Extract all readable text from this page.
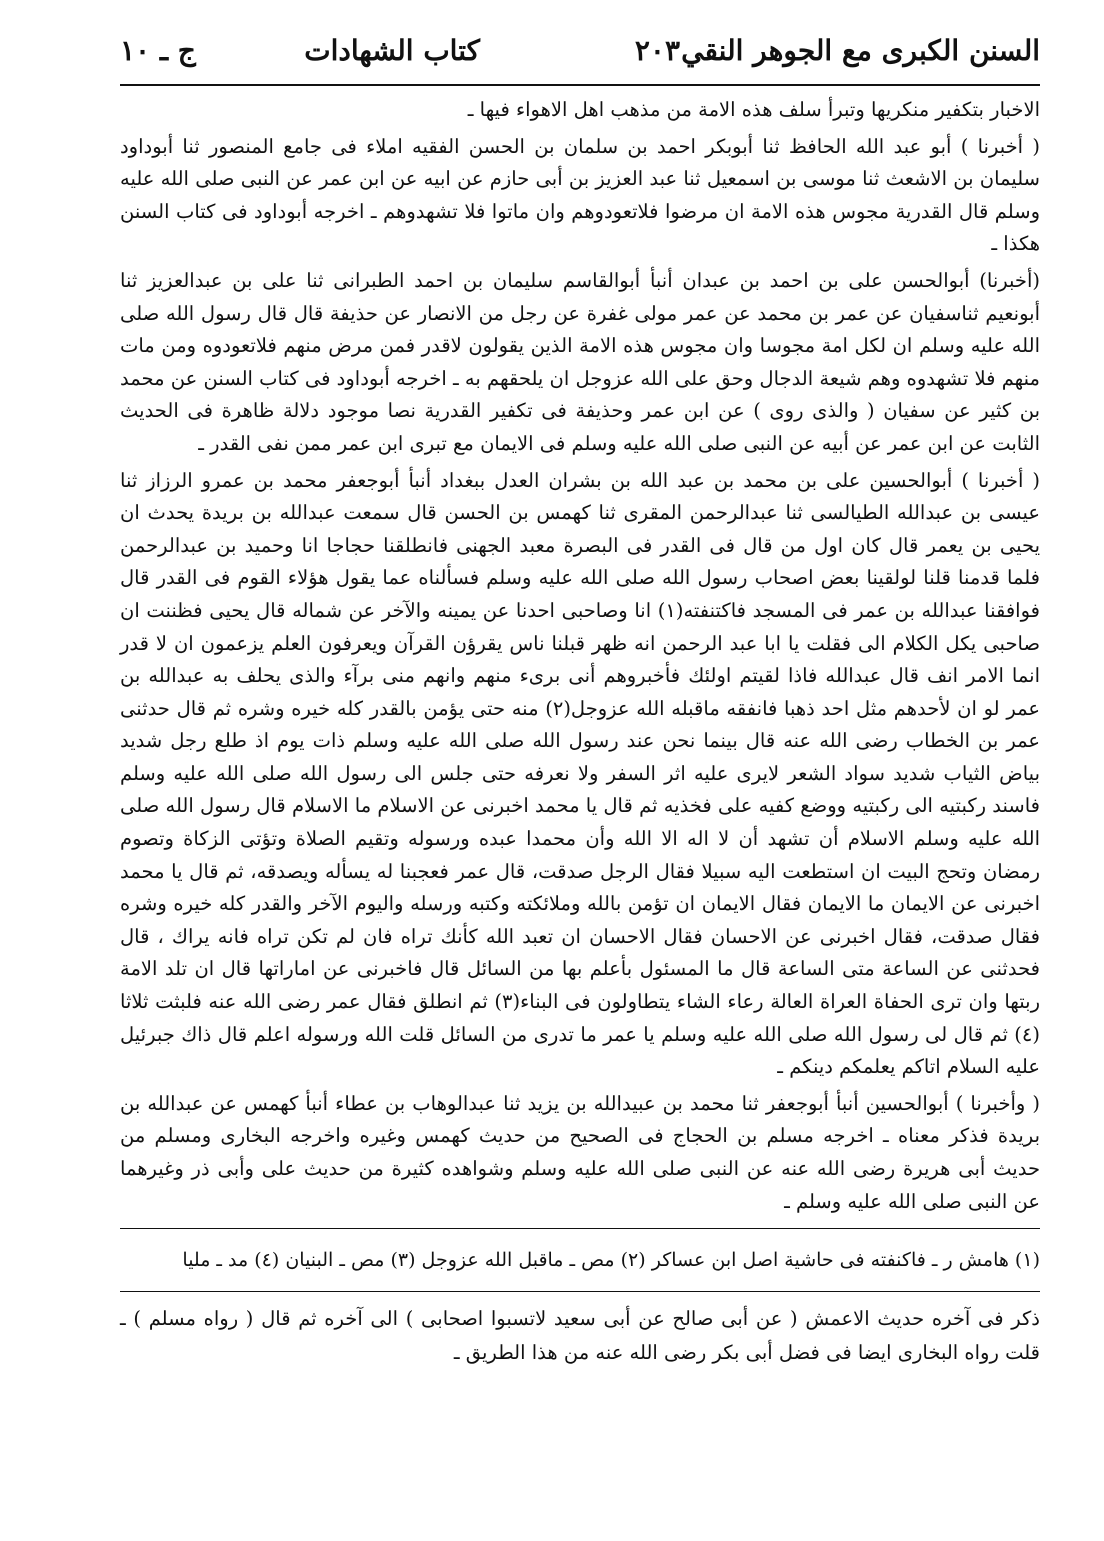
السنن الكبرى مع الجوهر النقي
٢٠٣
كتاب الشهادات
ج ـ ١٠

الاخبار بتكفير منكريها وتبرأ سلف هذه الامة من مذهب اهل الاهواء فيها ـ

( أخبرنا ) أبو عبد الله الحافظ ثنا أبوبكر احمد بن سلمان بن الحسن الفقيه املاء فى جامع المنصور ثنا أبوداود سليمان بن الاشعث ثنا موسى بن اسمعيل ثنا عبد العزيز بن أبى حازم عن ابيه عن ابن عمر عن النبى صلى الله عليه وسلم قال القدرية مجوس هذه الامة ان مرضوا فلاتعودوهم وان ماتوا فلا تشهدوهم ـ اخرجه أبوداود فى كتاب السنن هكذا ـ

(أخبرنا) أبوالحسن على بن احمد بن عبدان أنبأ أبوالقاسم سليمان بن احمد الطبرانى ثنا على بن عبدالعزيز ثنا أبونعيم ثناسفيان عن عمر بن محمد عن عمر مولى غفرة عن رجل من الانصار عن حذيفة قال قال رسول الله صلى الله عليه وسلم ان لكل امة مجوسا وان مجوس هذه الامة الذين يقولون لاقدر فمن مرض منهم فلاتعودوه ومن مات منهم فلا تشهدوه وهم شيعة الدجال وحق على الله عزوجل ان يلحقهم به ـ اخرجه أبوداود فى كتاب السنن عن محمد بن كثير عن سفيان ( والذى روى ) عن ابن عمر وحذيفة فى تكفير القدرية نصا موجود دلالة ظاهرة فى الحديث الثابت عن ابن عمر عن أبيه عن النبى صلى الله عليه وسلم فى الايمان مع تبرى ابن عمر ممن نفى القدر ـ

( أخبرنا ) أبوالحسين على بن محمد بن عبد الله بن بشران العدل ببغداد أنبأ أبوجعفر محمد بن عمرو الرزاز ثنا عيسى بن عبدالله الطيالسى ثنا عبدالرحمن المقرى ثنا كهمس بن الحسن قال سمعت عبدالله بن بريدة يحدث ان يحيى بن يعمر قال كان اول من قال فى القدر فى البصرة معبد الجهنى فانطلقنا حجاجا انا وحميد بن عبدالرحمن فلما قدمنا قلنا لولقينا بعض اصحاب رسول الله صلى الله عليه وسلم فسألناه عما يقول هؤلاء القوم فى القدر قال فوافقنا عبدالله بن عمر فى المسجد فاكتنفته(١) انا وصاحبى احدنا عن يمينه والآخر عن شماله قال يحيى فظننت ان صاحبى يكل الكلام الى فقلت يا ابا عبد الرحمن انه ظهر قبلنا ناس يقرؤن القرآن ويعرفون العلم يزعمون ان لا قدر انما الامر انف قال عبدالله فاذا لقيتم اولئك فأخبروهم أنى برىء منهم وانهم منى برآء والذى يحلف به عبدالله بن عمر لو ان لأحدهم مثل احد ذهبا فانفقه ماقبله الله عزوجل(٢) منه حتى يؤمن بالقدر كله خيره وشره ثم قال حدثنى عمر بن الخطاب رضى الله عنه قال بينما نحن عند رسول الله صلى الله عليه وسلم ذات يوم اذ طلع رجل شديد بياض الثياب شديد سواد الشعر لايرى عليه اثر السفر ولا نعرفه حتى جلس الى رسول الله صلى الله عليه وسلم فاسند ركبتيه الى ركبتيه ووضع كفيه على فخذيه ثم قال يا محمد اخبرنى عن الاسلام ما الاسلام قال رسول الله صلى الله عليه وسلم الاسلام أن تشهد أن لا اله الا الله وأن محمدا عبده ورسوله وتقيم الصلاة وتؤتى الزكاة وتصوم رمضان وتحج البيت ان استطعت اليه سبيلا فقال الرجل صدقت، قال عمر فعجبنا له يسأله ويصدقه، ثم قال يا محمد اخبرنى عن الايمان ما الايمان فقال الايمان ان تؤمن بالله وملائكته وكتبه ورسله واليوم الآخر والقدر كله خيره وشره فقال صدقت، فقال اخبرنى عن الاحسان فقال الاحسان ان تعبد الله كأنك تراه فان لم تكن تراه فانه يراك ، قال فحدثنى عن الساعة متى الساعة قال ما المسئول بأعلم بها من السائل قال فاخبرنى عن اماراتها قال ان تلد الامة ربتها وان ترى الحفاة العراة العالة رعاء الشاء يتطاولون فى البناء(٣) ثم انطلق فقال عمر رضى الله عنه فلبثت ثلاثا (٤) ثم قال لى رسول الله صلى الله عليه وسلم يا عمر ما تدرى من السائل قلت الله ورسوله اعلم قال ذاك جبرئيل عليه السلام اتاكم يعلمكم دينكم ـ

( وأخبرنا ) أبوالحسين أنبأ أبوجعفر ثنا محمد بن عبيدالله بن يزيد ثنا عبدالوهاب بن عطاء أنبأ كهمس عن عبدالله بن بريدة فذكر معناه ـ اخرجه مسلم بن الحجاج فى الصحيح من حديث كهمس وغيره واخرجه البخارى ومسلم من حديث أبى هريرة رضى الله عنه عن النبى صلى الله عليه وسلم وشواهده كثيرة من حديث على وأبى ذر وغيرهما عن النبى صلى الله عليه وسلم ـ

(١) هامش ر ـ فاكنفته فى حاشية اصل ابن عساكر (٢) مص ـ ماقبل الله عزوجل (٣) مص ـ البنيان (٤) مد ـ مليا
ذكر فى آخره حديث الاعمش ( عن أبى صالح عن أبى سعيد لاتسبوا اصحابى ) الى آخره ثم قال ( رواه مسلم ) ـ قلت رواه البخارى ايضا فى فضل أبى بكر رضى الله عنه من هذا الطريق ـ
